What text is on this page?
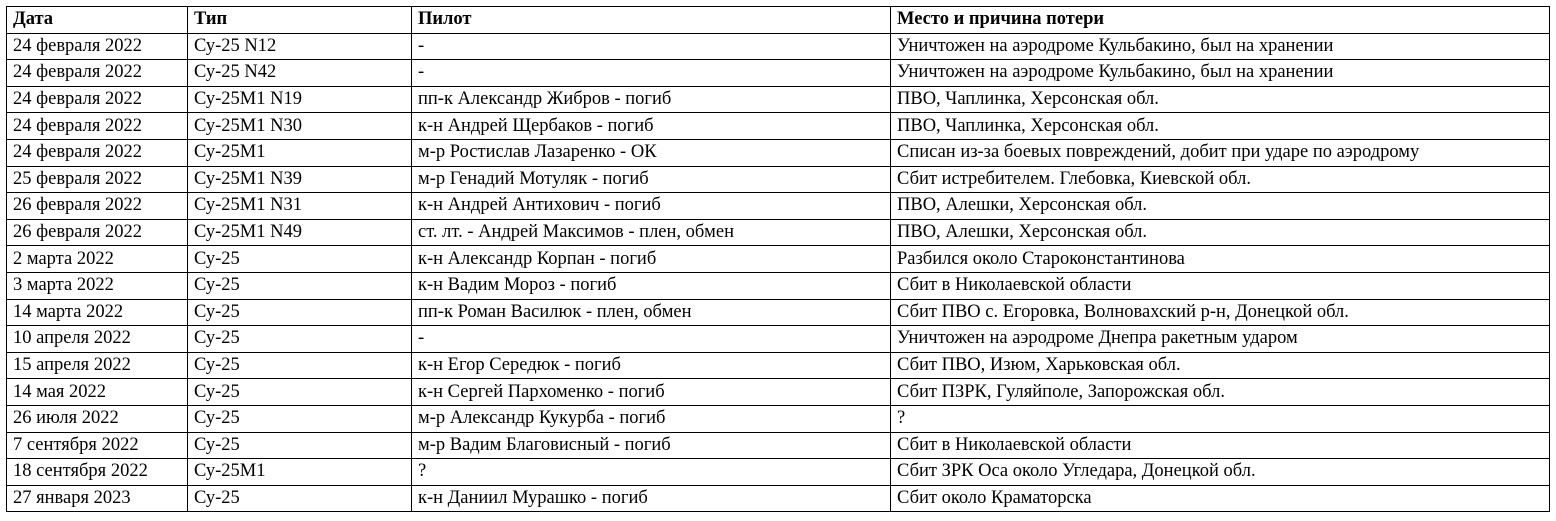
Дата	Тип	Пилот	Место и причина потери
24 февраля 2022	Су-25 N12	-	Уничтожен на аэродроме Кульбакино, был на хранении
24 февраля 2022	Су-25 N42	-	Уничтожен на аэродроме Кульбакино, был на хранении
24 февраля 2022	Су-25М1 N19	пп-к Александр Жибров - погиб	ПВО, Чаплинка, Херсонская обл.
24 февраля 2022	Су-25М1 N30	к-н Андрей Щербаков - погиб	ПВО, Чаплинка, Херсонская обл.
24 февраля 2022	Су-25М1	м-р Ростислав Лазаренко - ОК	Списан из-за боевых повреждений, добит при ударе по аэродрому
25 февраля 2022	Су-25М1 N39	м-р Генадий Мотуляк - погиб	Сбит истребителем. Глебовка, Киевской обл.
26 февраля 2022	Су-25М1 N31	к-н Андрей Антихович - погиб	ПВО, Алешки, Херсонская обл.
26 февраля 2022	Су-25М1 N49	ст. лт. - Андрей Максимов - плен, обмен	ПВО, Алешки, Херсонская обл.
2 марта 2022	Су-25	к-н Александр Корпан - погиб	Разбился около Староконстантинова
3 марта 2022	Су-25	к-н Вадим Мороз - погиб	Сбит в Николаевской области
14 марта 2022	Су-25	пп-к Роман Василюк - плен, обмен	Сбит ПВО с. Егоровка, Волновахский р-н, Донецкой обл.
10 апреля 2022	Су-25	-	Уничтожен на аэродроме Днепра ракетным ударом
15 апреля 2022	Су-25	к-н Егор Середюк - погиб	Сбит ПВО, Изюм, Харьковская обл.
14 мая 2022	Су-25	к-н Сергей Пархоменко - погиб	Сбит ПЗРК, Гуляйполе, Запорожская обл.
26 июля 2022	Су-25	м-р Александр Кукурба - погиб	?
7 сентября 2022	Су-25	м-р Вадим Благовисный - погиб	Сбит в Николаевской области
18 сентября 2022	Су-25М1	?	Сбит ЗРК Оса около Угледара, Донецкой обл.
27 января 2023	Су-25	к-н Даниил Мурашко - погиб	Сбит около Краматорска
